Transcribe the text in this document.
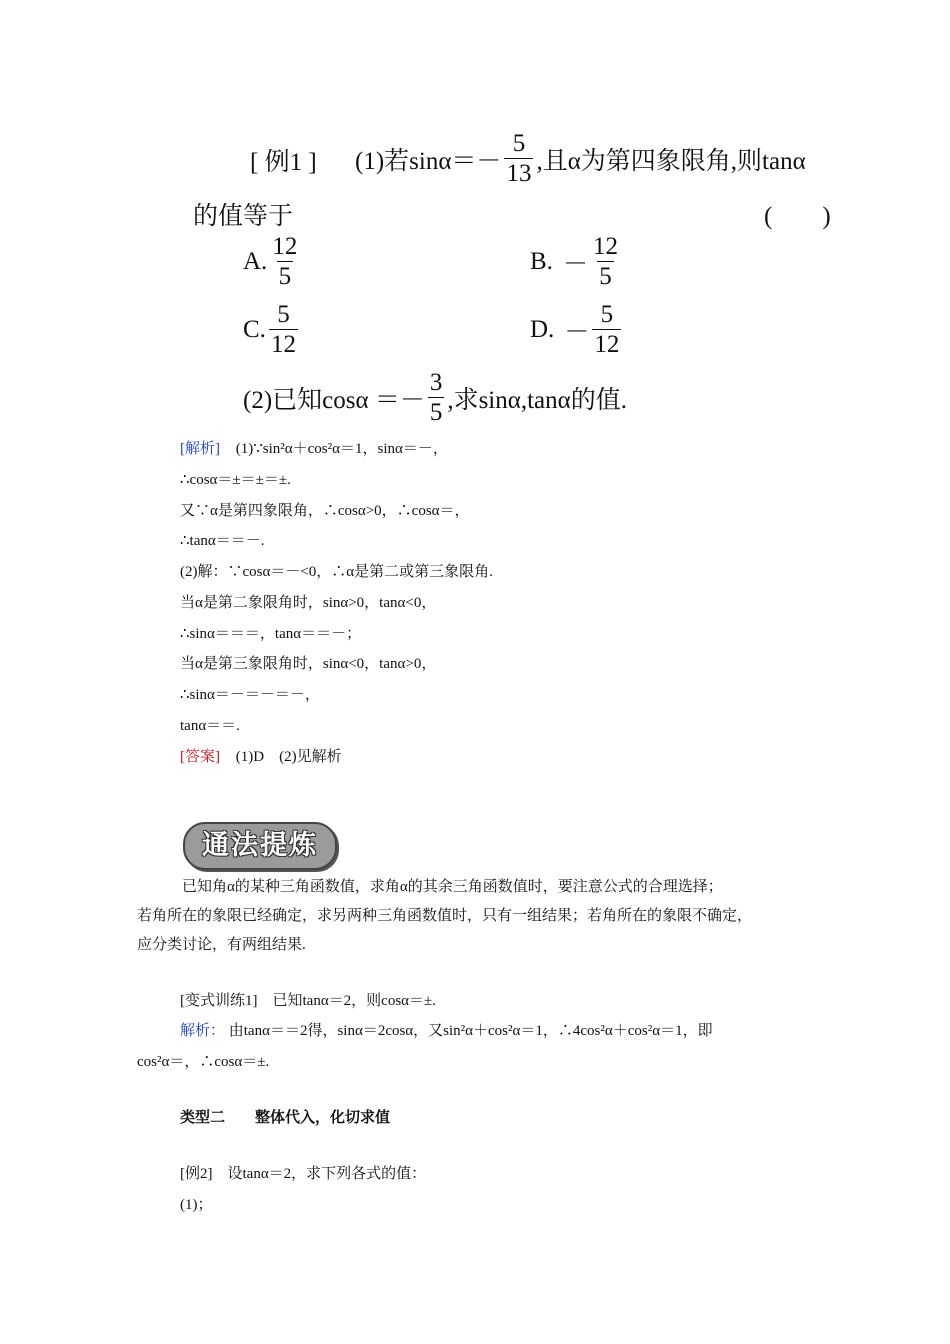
[ 例1 ] (1)若$\sin\alpha=- \frac{5}{13}$ ,且α为第四象限角,则tanα
的值等于	(　　)
A. $\frac{12}{5}$	B. － $\frac{12}{5}$
C. $\frac{5}{12}$	D. － $\frac{5}{12}$
(2)已知$\cos\alpha =- \frac{3}{5}$ ,求sinα,tanα的值.
[解析] (1)∵sin²α＋cos²α＝1，sinα＝－，
∴cosα＝±＝±＝±.
又∵α是第四象限角，∴cosα>0，∴cosα＝，
∴tanα＝＝－.
(2)解：∵cosα＝－<0，∴α是第二或第三象限角.
当α是第二象限角时，sinα>0，tanα<0，
∴sinα＝＝＝，tanα＝＝－；
当α是第三象限角时，sinα<0，tanα>0，
∴sinα＝－＝－＝－，
tanα＝＝.
[答案] (1)D　(2)见解析
通法提炼
已知角α的某种三角函数值，求角α的其余三角函数值时，要注意公式的合理选择；
若角所在的象限已经确定，求另两种三角函数值时，只有一组结果；若角所在的象限不确定，
应分类讨论，有两组结果.
[变式训练1]　已知tanα＝2，则cosα＝±.
解析： 由tanα＝＝2得，sinα＝2cosα，又sin²α＋cos²α＝1，∴4cos²α＋cos²α＝1，即
cos²α＝，∴cosα＝±.
类型二　　整体代入，化切求值
[例2]　设tanα＝2，求下列各式的值：
(1)；
